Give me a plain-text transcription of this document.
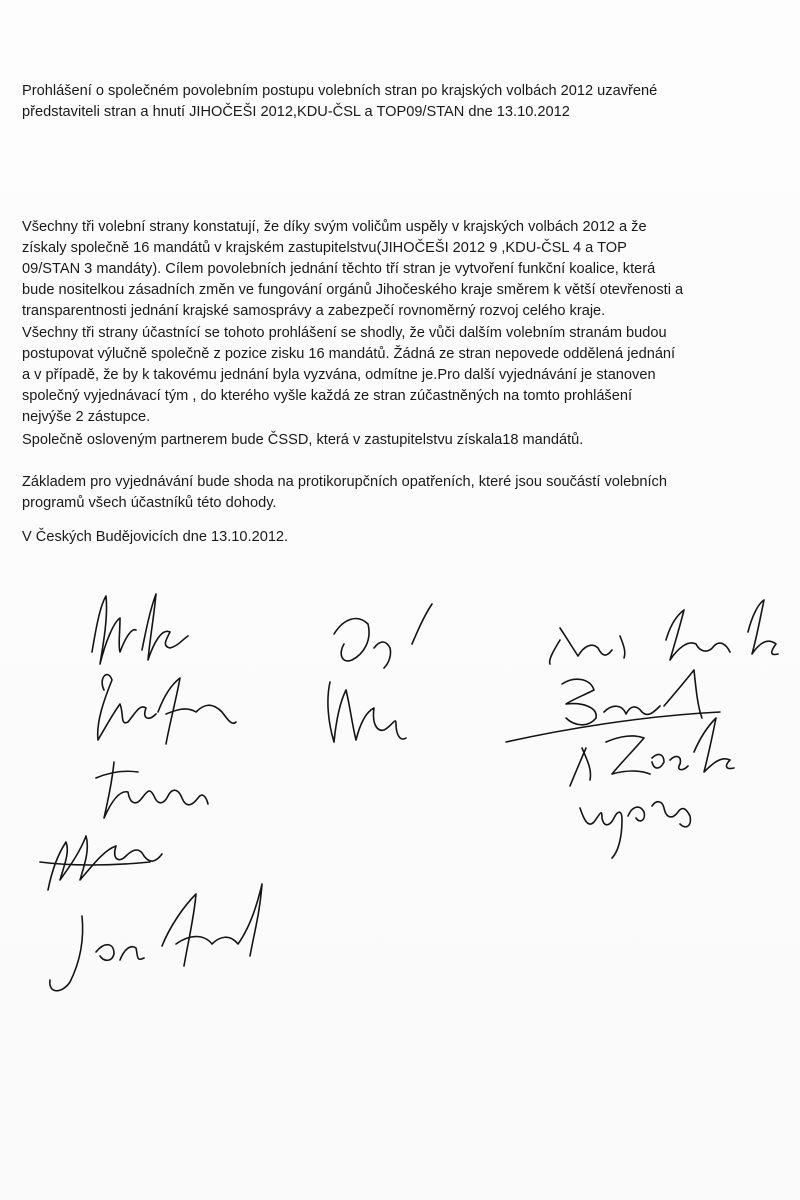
Prohlášení o společném povolebním postupu volebních stran po krajských volbách 2012 uzavřené
představiteli stran a hnutí JIHOČEŠI 2012,KDU-ČSL a TOP09/STAN dne 13.10.2012

Všechny tři volební strany konstatují, že díky svým voličům uspěly v krajských volbách 2012 a že
získaly společně 16 mandátů v krajském zastupitelstvu(JIHOČEŠI 2012 9 ,KDU-ČSL 4 a TOP
09/STAN 3 mandáty). Cílem povolebních jednání těchto tří stran je vytvoření funkční koalice, která
bude nositelkou zásadních změn ve fungování orgánů Jihočeského kraje směrem k větší otevřenosti a
transparentnosti jednání krajské samosprávy a zabezpečí rovnoměrný rozvoj celého kraje.

Všechny tři strany účastnící se tohoto prohlášení se shodly, že vůči dalším volebním stranám budou
postupovat výlučně společně z pozice zisku 16 mandátů. Žádná ze stran nepovede oddělená jednání
a v případě, že by k takovému jednání byla vyzvána, odmítne je.Pro další vyjednávání je stanoven
společný vyjednávací tým , do kterého vyšle každá ze stran zúčastněných na tomto prohlášení
nejvýše 2 zástupce.

Společně osloveným partnerem bude ČSSD, která v zastupitelstvu získala18 mandátů.

Základem pro vyjednávání bude shoda na protikorupčních opatřeních, které jsou součástí volebních
programů všech účastníků této dohody.

V Českých Budějovicích dne 13.10.2012.
